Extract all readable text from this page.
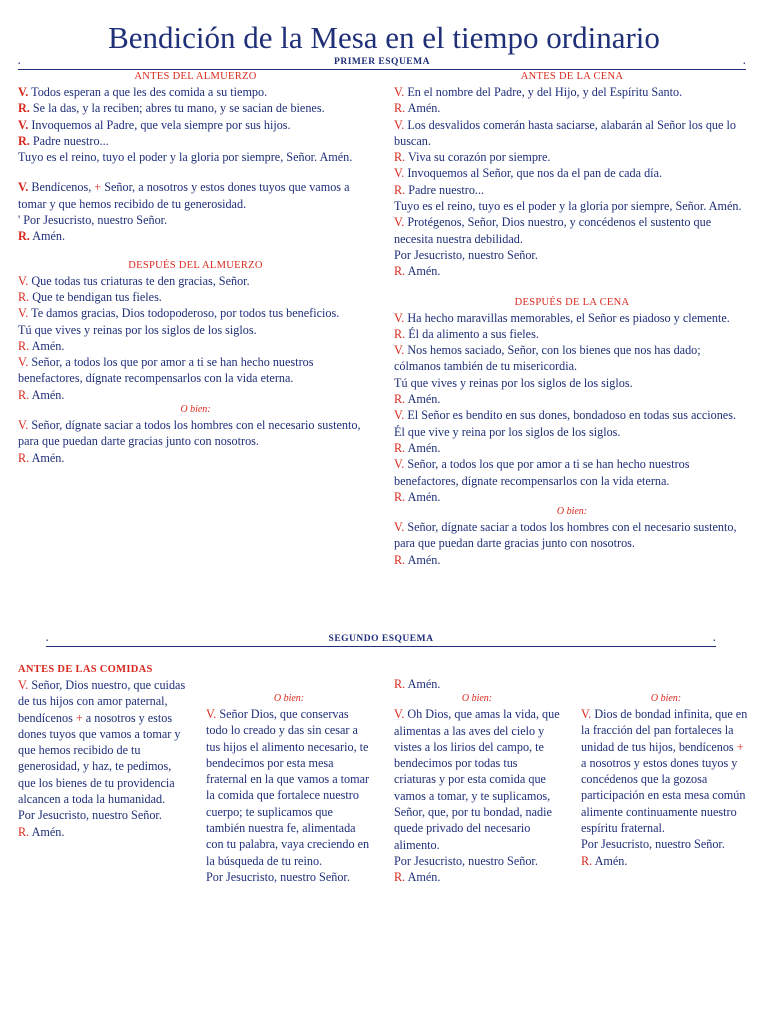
Bendición de la Mesa en el tiempo ordinario
.	PRIMER ESQUEMA	.
ANTES DEL ALMUERZO

V. Todos esperan a que les des comida a su tiempo.

R. Se la das, y la reciben; abres tu mano, y se sacian de bienes.

V. Invoquemos al Padre, que vela siempre por sus hijos.

R. Padre nuestro...

Tuyo es el reino, tuyo el poder y la gloria por siempre, Señor. Amén.

V. Bendícenos, + Señor, a nosotros y estos dones tuyos que vamos a tomar y que hemos recibido de tu generosidad.

' Por Jesucristo, nuestro Señor.

R. Amén.

DESPUÉS DEL ALMUERZO

V. Que todas tus criaturas te den gracias, Señor.

R. Que te bendigan tus fieles.

V. Te damos gracias, Dios todopoderoso, por todos tus beneficios.

Tú que vives y reinas por los siglos de los siglos.

R. Amén.

V. Señor, a todos los que por amor a ti se han hecho nuestros benefactores, dígnate recompensarlos con la vida eterna.

R. Amén.

O bien:

V. Señor, dígnate saciar a todos los hombres con el necesario sustento, para que puedan darte gracias junto con nosotros.

R. Amén.

ANTES DE LA CENA

V. En el nombre del Padre, y del Hijo, y del Espíritu Santo.

R. Amén.

V. Los desvalidos comerán hasta saciarse, alabarán al Señor los que lo buscan.

R. Viva su corazón por siempre.

V. Invoquemos al Señor, que nos da el pan de cada día.

R. Padre nuestro...

Tuyo es el reino, tuyo es el poder y la gloria por siempre, Señor. Amén.

V. Protégenos, Señor, Dios nuestro, y concédenos el sustento que necesita nuestra debilidad.

Por Jesucristo, nuestro Señor.

R. Amén.

DESPUÉS DE LA CENA

V. Ha hecho maravillas memorables, el Señor es piadoso y clemente.

R. Él da alimento a sus fieles.

V. Nos hemos saciado, Señor, con los bienes que nos has dado; cólmanos también de tu misericordia.

Tú que vives y reinas por los siglos de los siglos.

R. Amén.

V. El Señor es bendito en sus dones, bondadoso en todas sus acciones.

Él que vive y reina por los siglos de los siglos.

R. Amén.

V. Señor, a todos los que por amor a ti se han hecho nuestros benefactores, dígnate recompensarlos con la vida eterna.

R. Amén.

O bien:

V. Señor, dígnate saciar a todos los hombres con el necesario sustento, para que puedan darte gracias junto con nosotros.

R. Amén.

.	SEGUNDO ESQUEMA	.
ANTES DE LAS COMIDAS

V. Señor, Dios nuestro, que cuidas de tus hijos con amor paternal, bendícenos + a nosotros y estos dones tuyos que vamos a tomar y que hemos recibido de tu generosidad, y haz, te pedimos, que los bienes de tu providencia alcancen a toda la humanidad.

Por Jesucristo, nuestro Señor.

R. Amén.

O bien:

V. Señor Dios, que conservas todo lo creado y das sin cesar a tus hijos el alimento necesario, te bendecimos por esta mesa fraternal en la que vamos a tomar la comida que fortalece nuestro cuerpo; te suplicamos que también nuestra fe, alimentada con tu palabra, vaya creciendo en la búsqueda de tu reino.

Por Jesucristo, nuestro Señor.

R. Amén.

O bien:

V. Oh Dios, que amas la vida, que alimentas a las aves del cielo y vistes a los lirios del campo, te bendecimos por todas tus criaturas y por esta comida que vamos a tomar, y te suplicamos, Señor, que, por tu bondad, nadie quede privado del necesario alimento.

Por Jesucristo, nuestro Señor.

R. Amén.

O bien:

V. Dios de bondad infinita, que en la fracción del pan fortaleces la unidad de tus hijos, bendícenos + a nosotros y estos dones tuyos y concédenos que la gozosa participación en esta mesa común alimente continuamente nuestro espíritu fraternal.

Por Jesucristo, nuestro Señor.

R. Amén.
